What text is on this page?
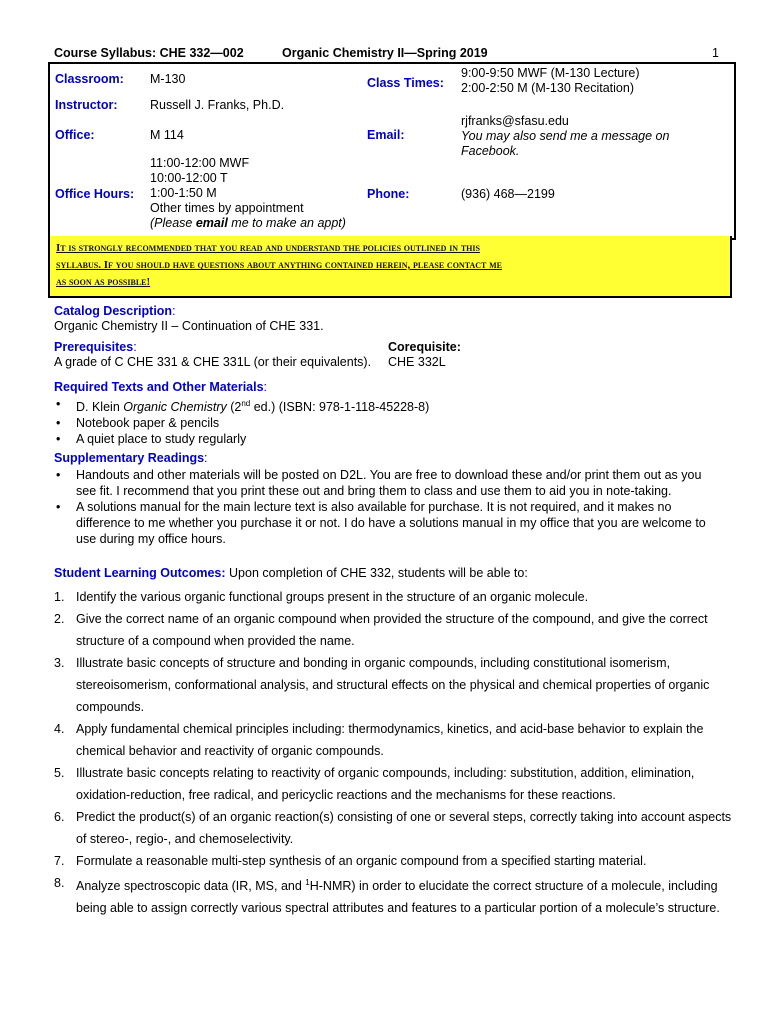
Course Syllabus: CHE 332—002	Organic Chemistry II—Spring 2019	1
Classroom: M-130	Class Times:
9:00-9:50 MWF (M-130 Lecture)
2:00-2:50 M (M-130 Recitation)
Instructor:	Russell J. Franks, Ph.D.
Office:	M 114	Email:
rjfranks@sfasu.edu
You may also send me a message on
Facebook.
Office Hours:
11:00-12:00 MWF
10:00-12:00 T
1:00-1:50 M
Other times by appointment
(Please email me to make an appt)
Phone:	(936) 468—2199

It is strongly recommended that you read and understand the policies outlined in this

syllabus. If you should have questions about anything contained herein, please contact me

as soon as possible!

Catalog Description:
Organic Chemistry II – Continuation of CHE 331.
Prerequisites:
A grade of C CHE 331 & CHE 331L (or their equivalents).
Corequisite:
CHE 332L
Required Texts and Other Materials:
• D. Klein Organic Chemistry (2nd ed.) (ISBN: 978-1-118-45228-8)
• Notebook paper & pencils
• A quiet place to study regularly
Supplementary Readings:
• Handouts and other materials will be posted on D2L. You are free to download these and/or print them out as you
see fit. I recommend that you print these out and bring them to class and use them to aid you in note-taking.
• A solutions manual for the main lecture text is also available for purchase. It is not required, and it makes no
difference to me whether you purchase it or not. I do have a solutions manual in my office that you are welcome to
use during my office hours.
Student Learning Outcomes: Upon completion of CHE 332, students will be able to:
1. Identify the various organic functional groups present in the structure of an organic molecule.
2. Give the correct name of an organic compound when provided the structure of the compound, and give the correct structure of a compound when provided the name.
3. Illustrate basic concepts of structure and bonding in organic compounds, including constitutional isomerism, stereoisomerism, conformational analysis, and structural effects on the physical and chemical properties of organic compounds.
4. Apply fundamental chemical principles including: thermodynamics, kinetics, and acid-base behavior to explain the chemical behavior and reactivity of organic compounds.
5. Illustrate basic concepts relating to reactivity of organic compounds, including: substitution, addition, elimination, oxidation-reduction, free radical, and pericyclic reactions and the mechanisms for these reactions.
6. Predict the product(s) of an organic reaction(s) consisting of one or several steps, correctly taking into account aspects of stereo-, regio-, and chemoselectivity.
7. Formulate a reasonable multi-step synthesis of an organic compound from a specified starting material.
8. Analyze spectroscopic data (IR, MS, and $^1$H-NMR) in order to elucidate the correct structure of a molecule, including being able to assign correctly various spectral attributes and features to a particular portion of a molecule’s structure.
